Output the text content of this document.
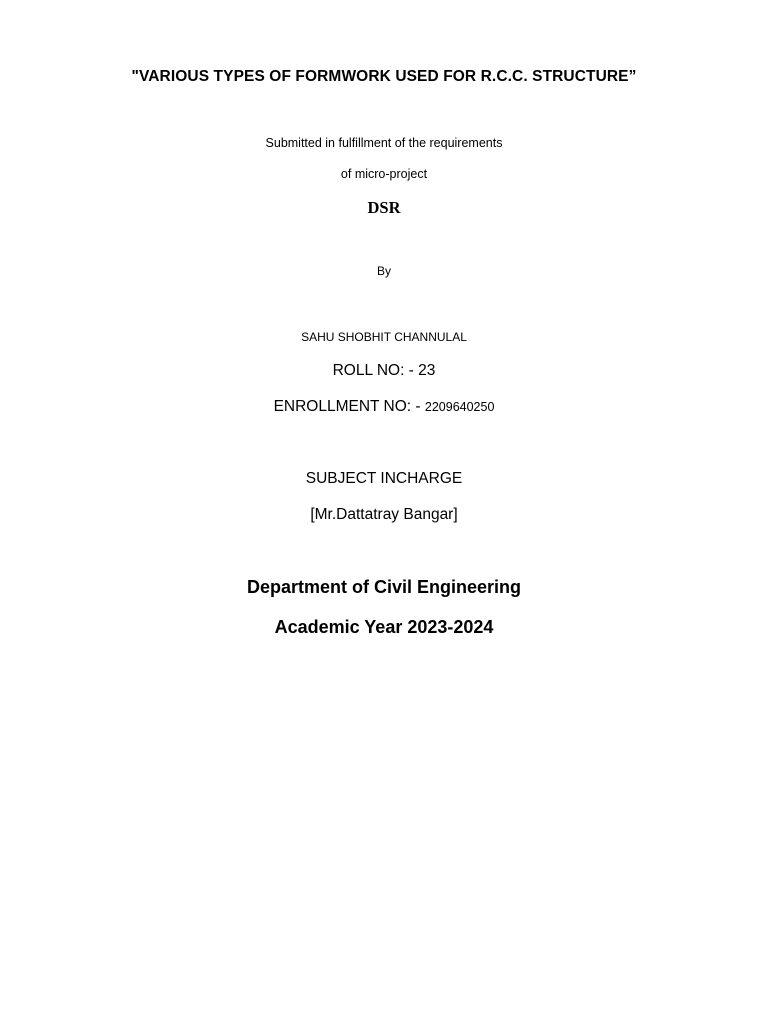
"VARIOUS TYPES OF FORMWORK USED FOR R.C.C. STRUCTURE”
Submitted in fulfillment of the requirements
of micro-project
DSR
By
SAHU SHOBHIT CHANNULAL
ROLL NO: - 23
ENROLLMENT NO: - 2209640250
SUBJECT INCHARGE
[Mr.Dattatray Bangar]
Department of Civil Engineering
Academic Year 2023-2024
